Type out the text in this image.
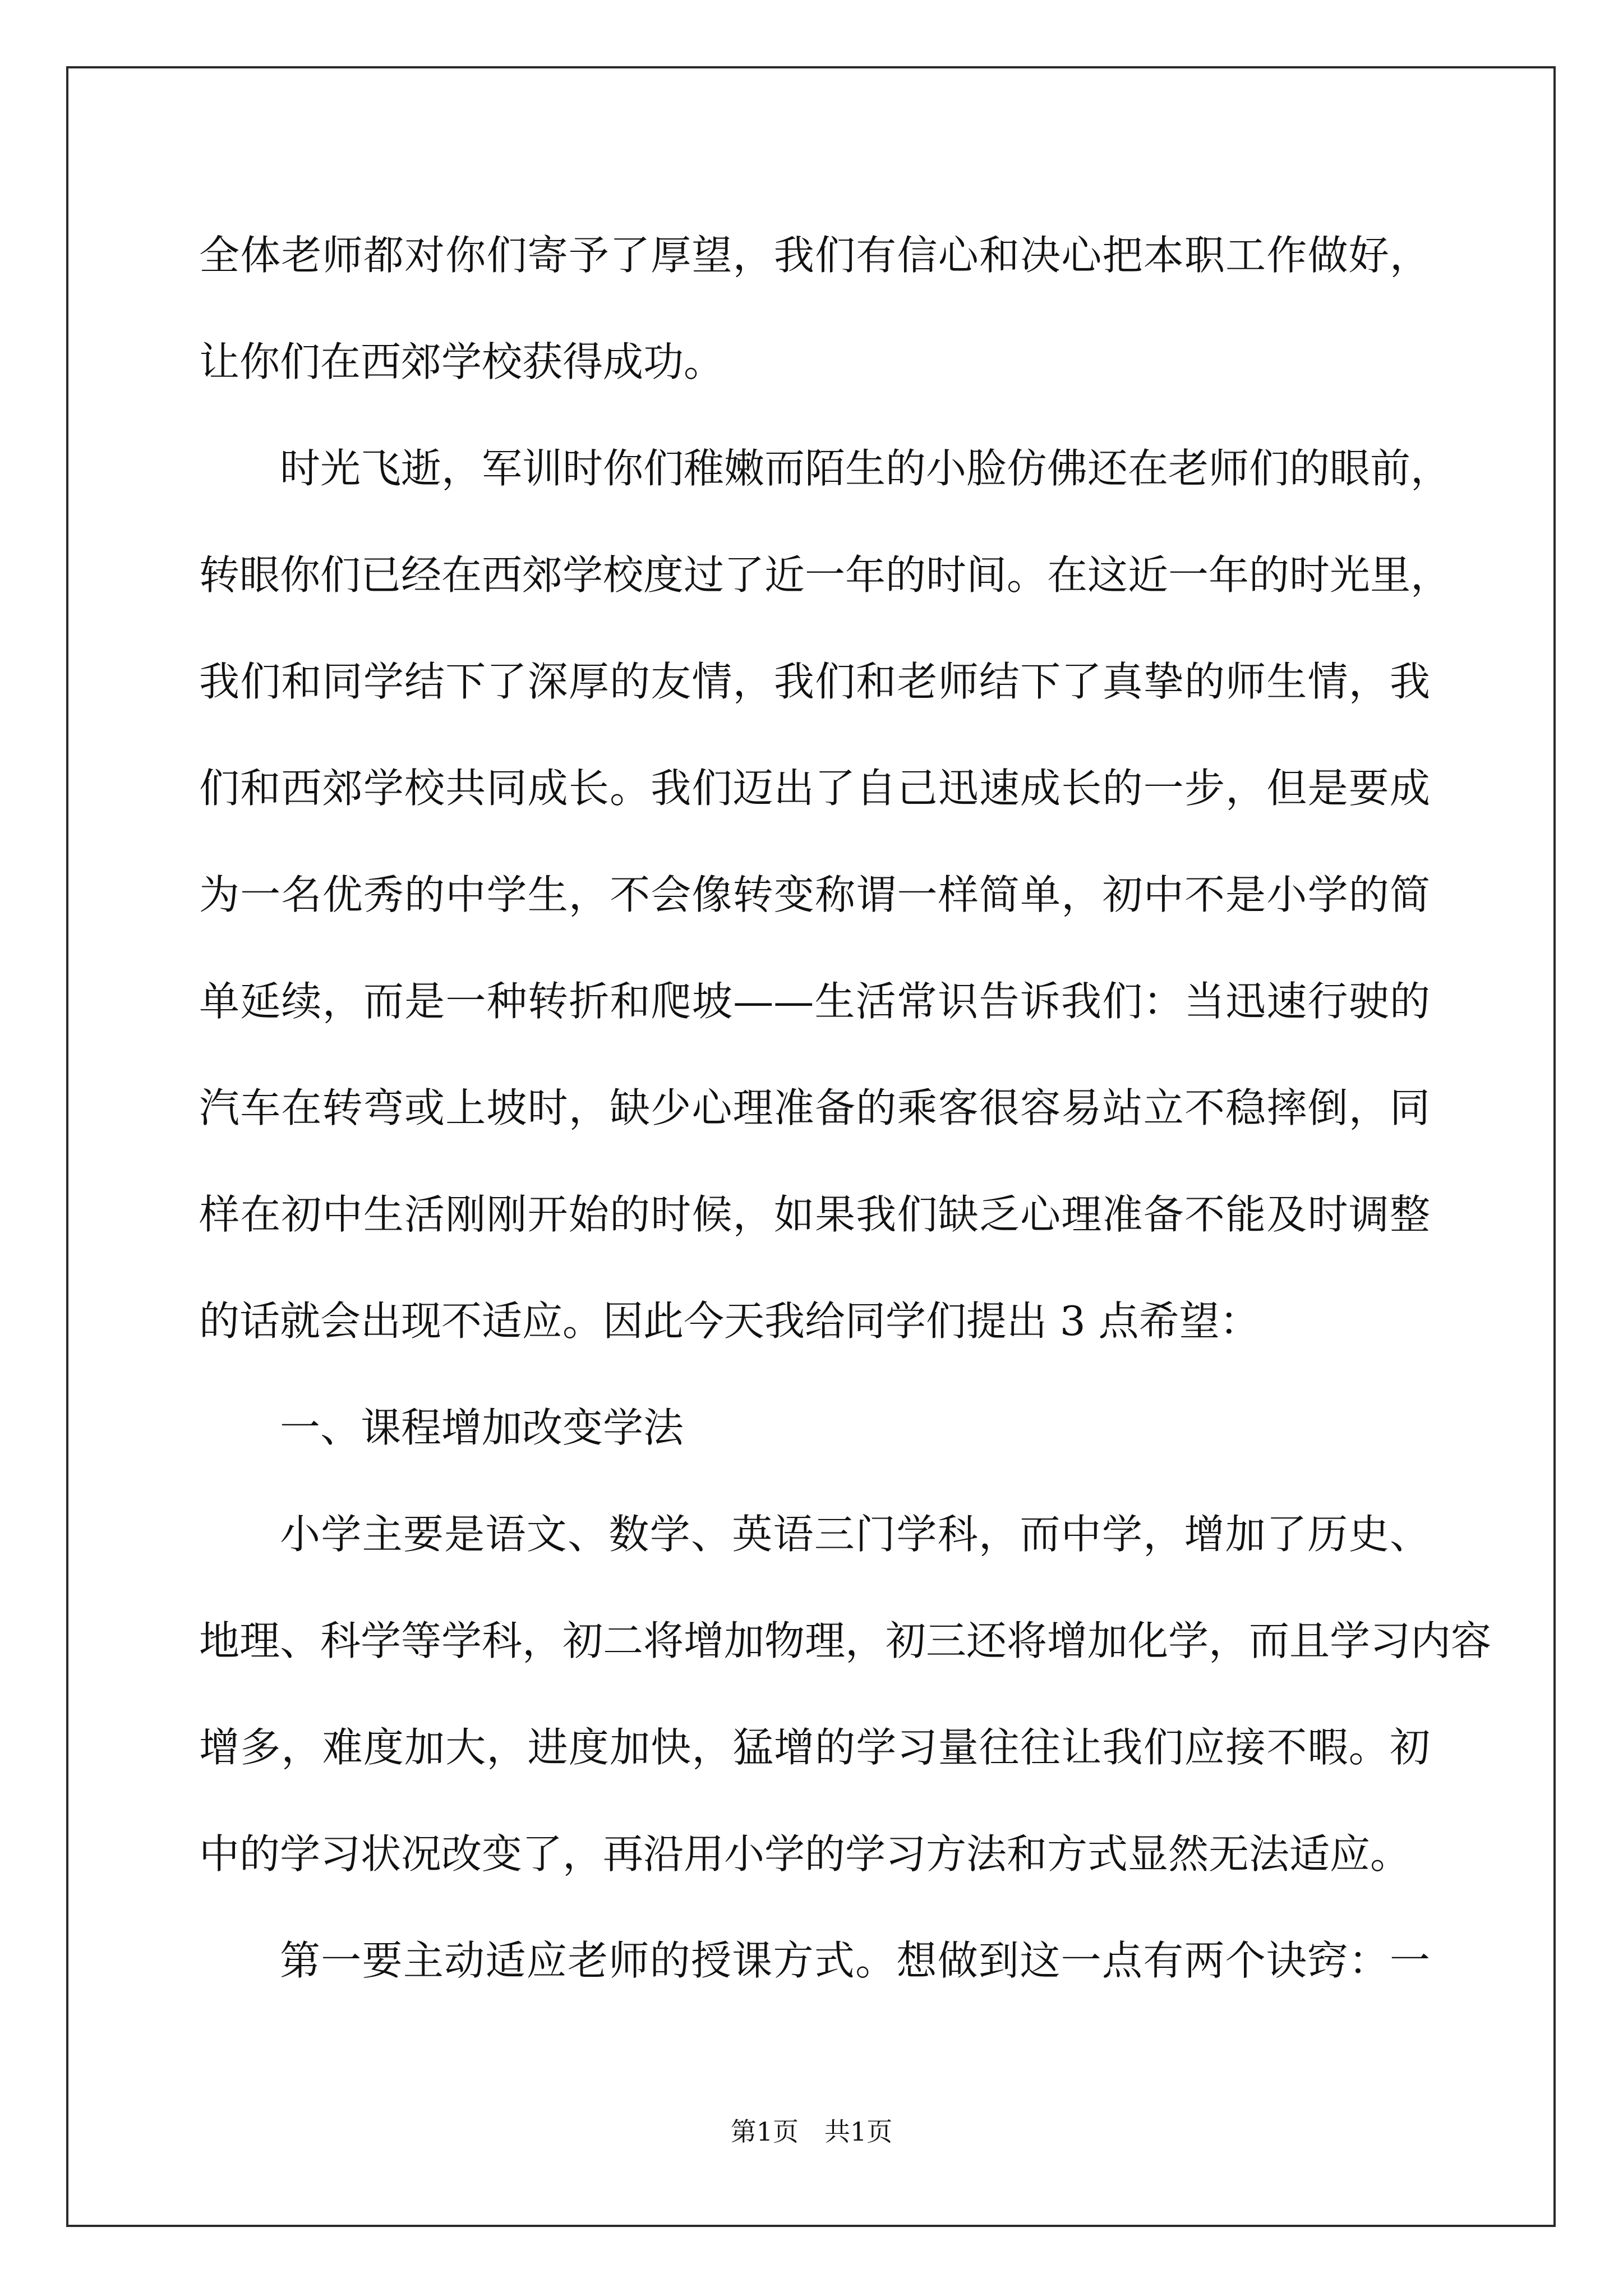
全体老师都对你们寄予了厚望，我们有信心和决心把本职工作做好，
让你们在西郊学校获得成功。
时光飞逝，军训时你们稚嫩而陌生的小脸仿佛还在老师们的眼前，
转眼你们已经在西郊学校度过了近一年的时间。在这近一年的时光里，
我们和同学结下了深厚的友情，我们和老师结下了真挚的师生情，我
们和西郊学校共同成长。我们迈出了自己迅速成长的一步，但是要成
为一名优秀的中学生，不会像转变称谓一样简单，初中不是小学的简
单延续，而是一种转折和爬坡——生活常识告诉我们：当迅速行驶的
汽车在转弯或上坡时，缺少心理准备的乘客很容易站立不稳摔倒，同
样在初中生活刚刚开始的时候，如果我们缺乏心理准备不能及时调整
的话就会出现不适应。因此今天我给同学们提出 3 点希望：
一、课程增加改变学法
小学主要是语文、数学、英语三门学科，而中学，增加了历史、
地理、科学等学科，初二将增加物理，初三还将增加化学，而且学习内容
增多，难度加大，进度加快，猛增的学习量往往让我们应接不暇。初
中的学习状况改变了，再沿用小学的学习方法和方式显然无法适应。
第一要主动适应老师的授课方式。想做到这一点有两个诀窍：一
第1页　共1页
